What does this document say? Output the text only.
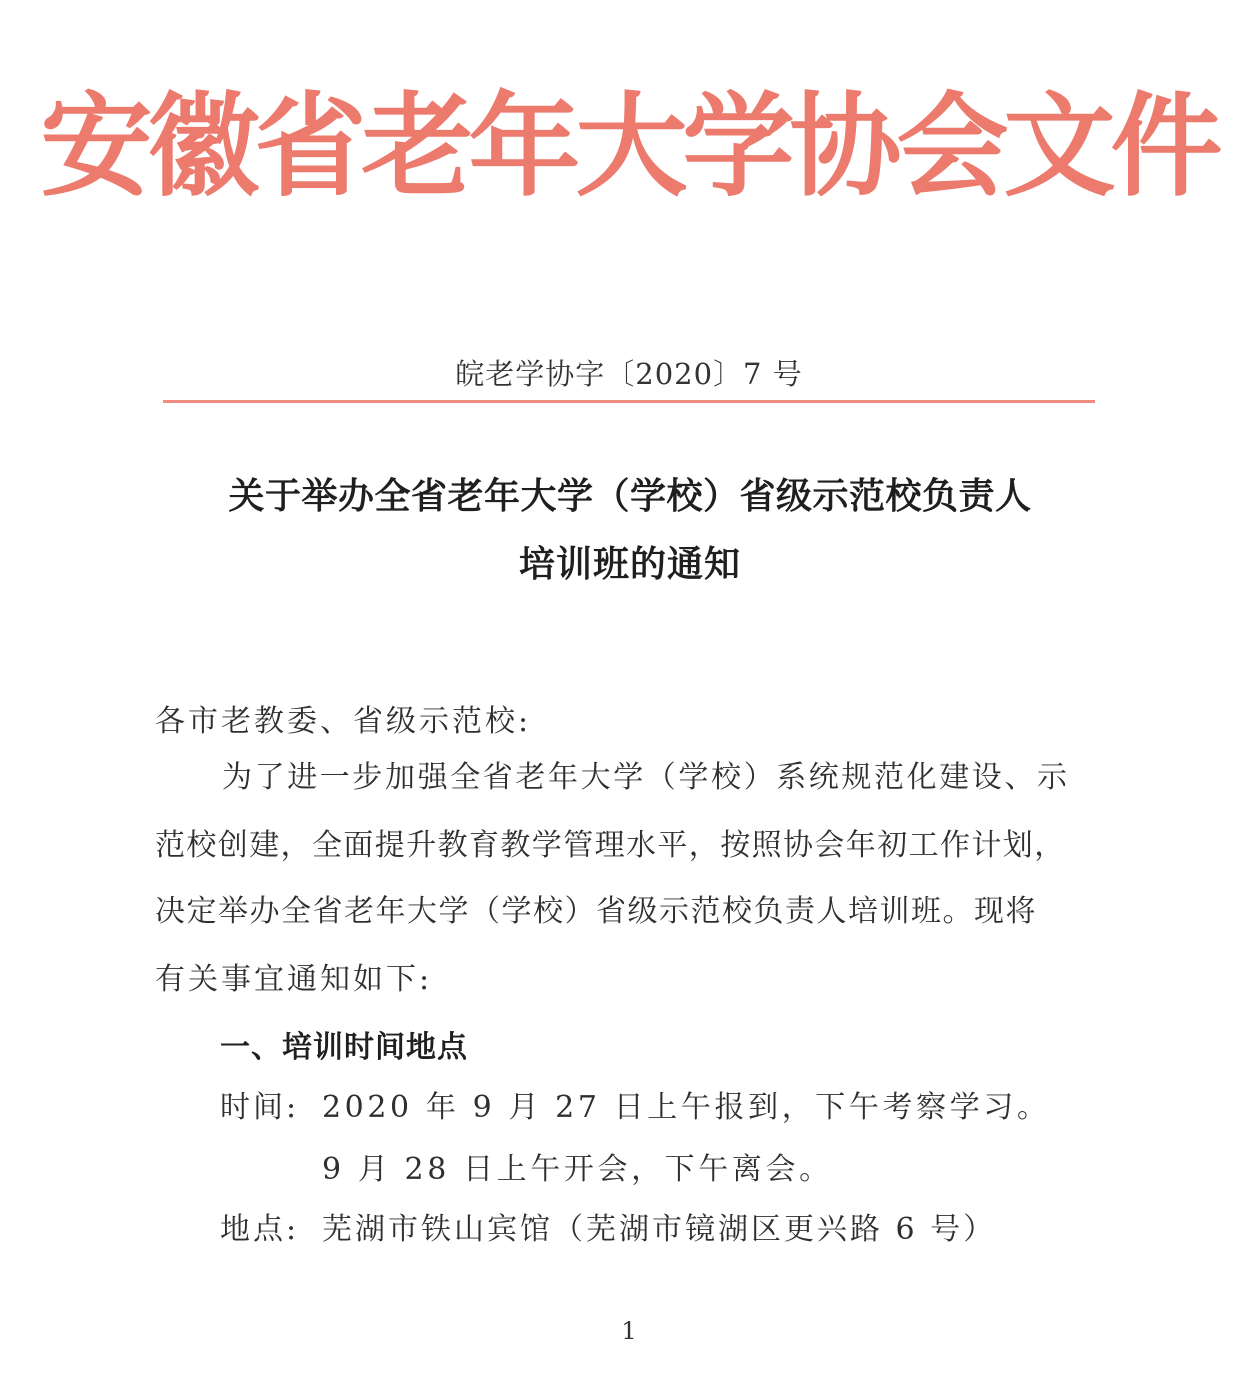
安徽省老年大学协会文件
皖老学协字〔2020〕7 号
关于举办全省老年大学（学校）省级示范校负责人
培训班的通知
各市老教委、省级示范校:
为了进一步加强全省老年大学（学校）系统规范化建设、示
范校创建，全面提升教育教学管理水平，按照协会年初工作计划，
决定举办全省老年大学（学校）省级示范校负责人培训班。现将
有关事宜通知如下:
一、培训时间地点
时间: 2020 年 9 月 27 日上午报到，下午考察学习。
9 月 28 日上午开会，下午离会。
地点: 芜湖市铁山宾馆（芜湖市镜湖区更兴路 6 号）
1
